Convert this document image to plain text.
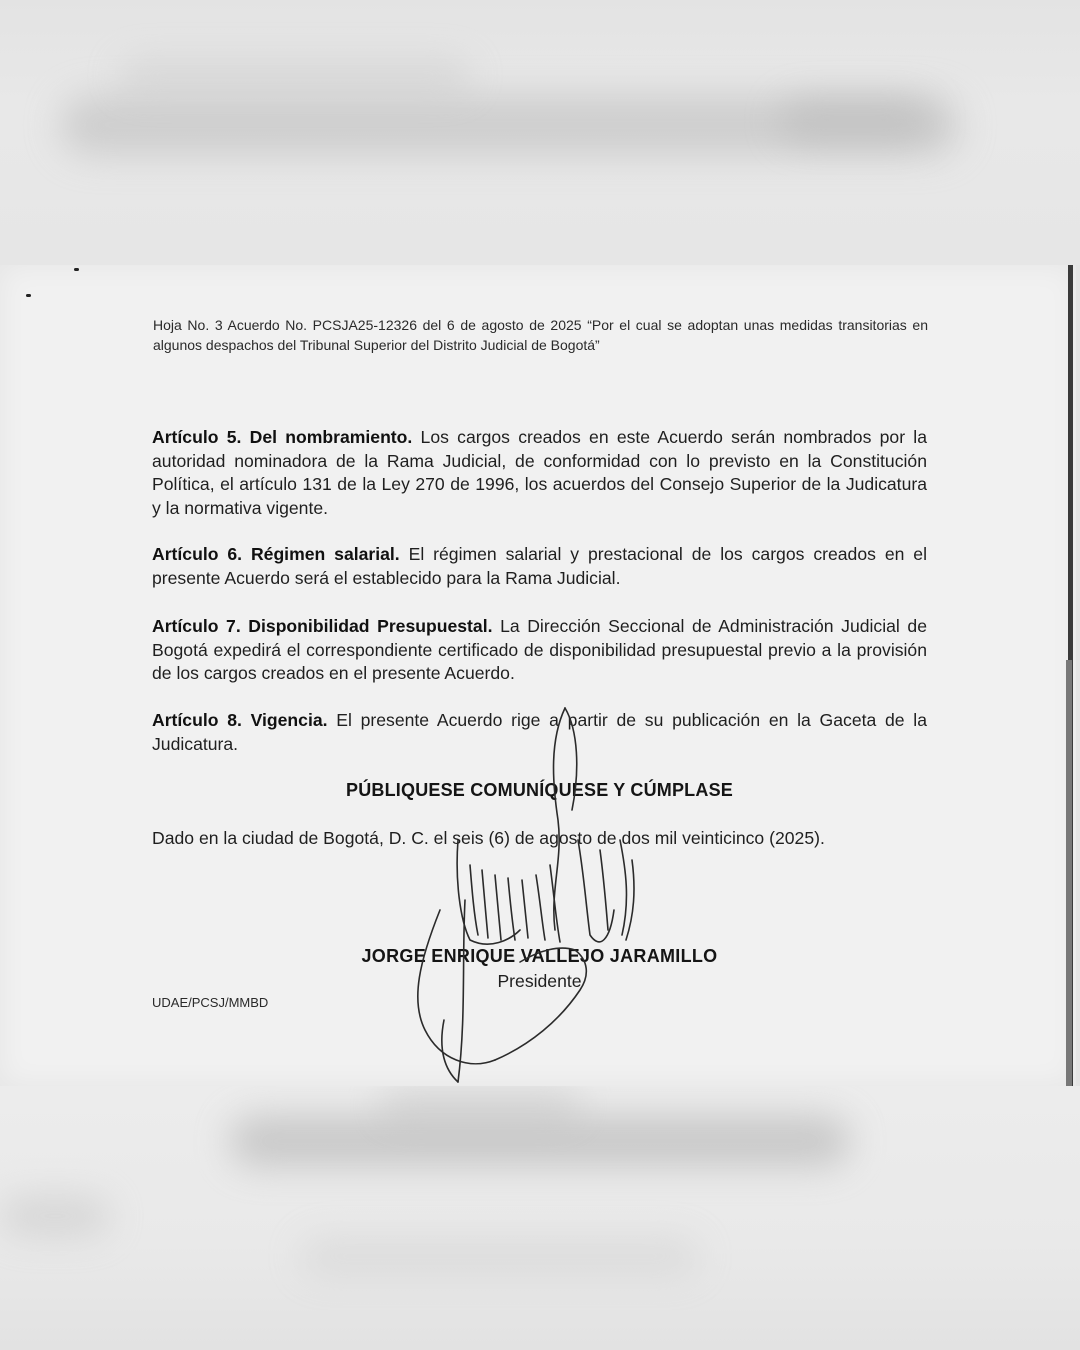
Hoja No. 3 Acuerdo No. PCSJA25-12326 del 6 de agosto de 2025 “Por el cual se adoptan unas medidas transitorias en algunos despachos del Tribunal Superior del Distrito Judicial de Bogotá”
Artículo 5. Del nombramiento. Los cargos creados en este Acuerdo serán nombrados por la autoridad nominadora de la Rama Judicial, de conformidad con lo previsto en la Constitución Política, el artículo 131 de la Ley 270 de 1996, los acuerdos del Consejo Superior de la Judicatura y la normativa vigente.
Artículo 6. Régimen salarial. El régimen salarial y prestacional de los cargos creados en el presente Acuerdo será el establecido para la Rama Judicial.
Artículo 7. Disponibilidad Presupuestal. La Dirección Seccional de Administración Judicial de Bogotá expedirá el correspondiente certificado de disponibilidad presupuestal previo a la provisión de los cargos creados en el presente Acuerdo.
Artículo 8. Vigencia. El presente Acuerdo rige a partir de su publicación en la Gaceta de la Judicatura.
PÚBLIQUESE COMUNÍQUESE Y CÚMPLASE
Dado en la ciudad de Bogotá, D. C. el seis (6) de agosto de dos mil veinticinco (2025).
JORGE ENRIQUE VALLEJO JARAMILLO
Presidente
UDAE/PCSJ/MMBD
